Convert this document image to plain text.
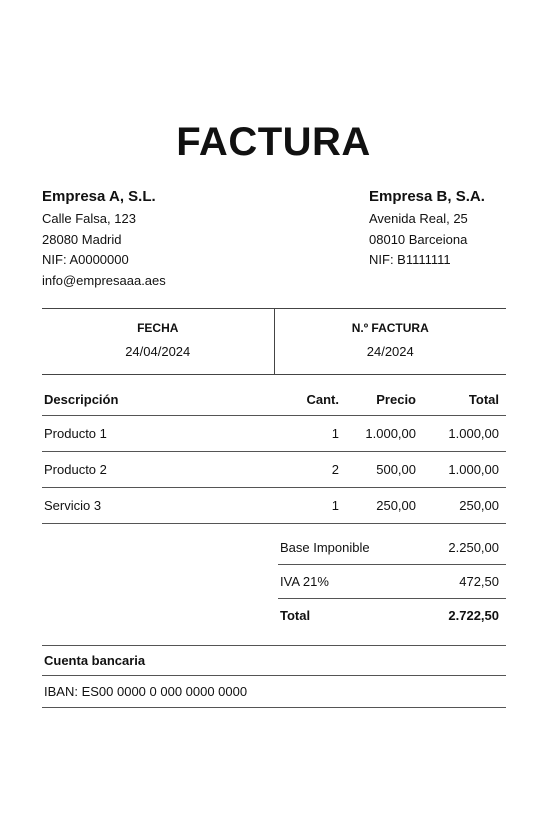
FACTURA
Empresa A, S.L.
Calle Falsa, 123
28080 Madrid
NIF: A0000000
info@empresaaa.aes
Empresa B, S.A.
Avenida Real, 25
08010 Barceiona
NIF: B1111111
FECHA
24/04/2024
N.º FACTURA
24/2024
Descripción	Cant.	Precio	Total
Producto 1	1	1.000,00	1.000,00
Producto 2	2	500,00	1.000,00
Servicio 3	1	250,00	250,00
Base Imponible	2.250,00
IVA 21%	472,50
Total	2.722,50
Cuenta bancaria
IBAN: ES00 0000 0 000 0000 0000
